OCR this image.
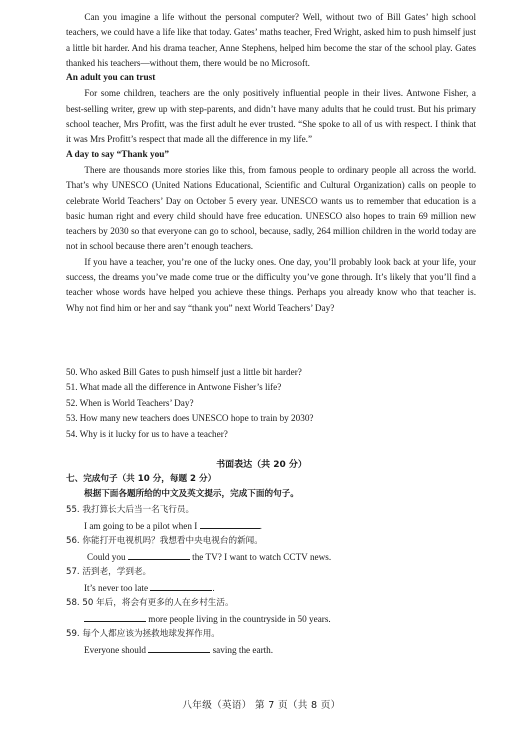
Can you imagine a life without the personal computer? Well, without two of Bill Gates’ high school teachers, we could have a life like that today. Gates’ maths teacher, Fred Wright, asked him to push himself just a little bit harder. And his drama teacher, Anne Stephens, helped him become the star of the school play. Gates thanked his teachers—without them, there would be no Microsoft.

An adult you can trust

For some children, teachers are the only positively influential people in their lives. Antwone Fisher, a best-selling writer, grew up with step-parents, and didn’t have many adults that he could trust. But his primary school teacher, Mrs Profitt, was the first adult he ever trusted. “She spoke to all of us with respect. I think that it was Mrs Profitt’s respect that made all the difference in my life.”

A day to say “Thank you”

There are thousands more stories like this, from famous people to ordinary people all across the world. That’s why UNESCO (United Nations Educational, Scientific and Cultural Organization) calls on people to celebrate World Teachers’ Day on October 5 every year. UNESCO wants us to remember that education is a basic human right and every child should have free education. UNESCO also hopes to train 69 million new teachers by 2030 so that everyone can go to school, because, sadly, 264 million children in the world today are not in school because there aren’t enough teachers.

If you have a teacher, you’re one of the lucky ones. One day, you’ll probably look back at your life, your success, the dreams you’ve made come true or the difficulty you’ve gone through. It’s likely that you’ll find a teacher whose words have helped you achieve these things. Perhaps you already know who that teacher is. Why not find him or her and say “thank you” next World Teachers’ Day?

50. Who asked Bill Gates to push himself just a little bit harder?
51. What made all the difference in Antwone Fisher’s life?
52. When is World Teachers’ Day?
53. How many new teachers does UNESCO hope to train by 2030?
54. Why is it lucky for us to have a teacher?
书面表达（共 20 分）
七、完成句子（共 10 分，每题 2 分）
根据下面各题所给的中文及英文提示，完成下面的句子。
55. 我打算长大后当一名飞行员。
I am going to be a pilot when I	.
56. 你能打开电视机吗？我想看中央电视台的新闻。
Could you	the TV? I want to watch CCTV news.
57. 活到老，学到老。
It’s never too late	.
58. 50 年后，将会有更多的人在乡村生活。
more people living in the countryside in 50 years.
59. 每个人都应该为拯救地球发挥作用。
Everyone should	saving the earth.
八年级（英语） 第 7 页（共 8 页）
